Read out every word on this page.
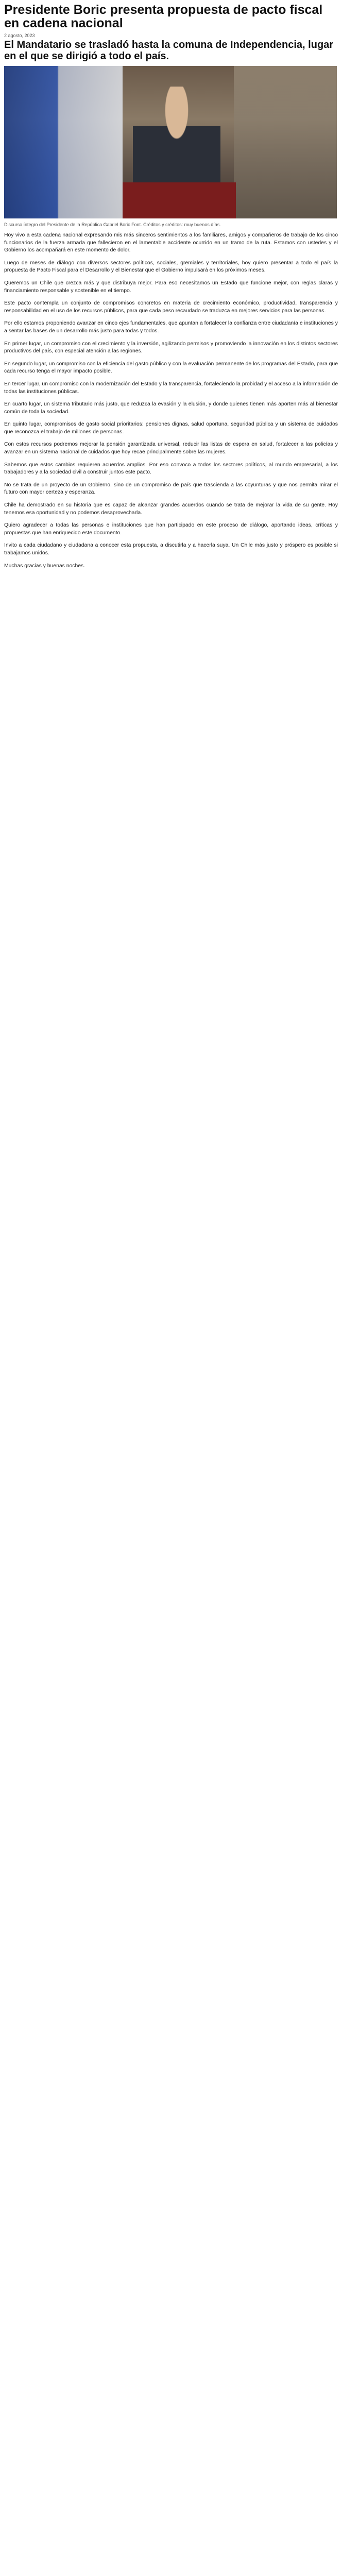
Presidente Boric presenta propuesta de pacto fiscal en cadena nacional
2 agosto, 2023
El Mandatario se trasladó hasta la comuna de Independencia, lugar en el que se dirigió a todo el país.
Discurso íntegro del Presidente de la República Gabriel Boric Font. Créditos y créditos: muy buenos días.

Hoy vivo a esta cadena nacional expresando mis más sinceros sentimientos a los familiares, amigos y compañeros de trabajo de los cinco funcionarios de la fuerza armada que fallecieron en el lamentable accidente ocurrido en un tramo de la ruta. Estamos con ustedes y el Gobierno los acompañará en este momento de dolor.

Luego de meses de diálogo con diversos sectores políticos, sociales, gremiales y territoriales, hoy quiero presentar a todo el país la propuesta de Pacto Fiscal para el Desarrollo y el Bienestar que el Gobierno impulsará en los próximos meses.

Queremos un Chile que crezca más y que distribuya mejor. Para eso necesitamos un Estado que funcione mejor, con reglas claras y financiamiento responsable y sostenible en el tiempo.

Este pacto contempla un conjunto de compromisos concretos en materia de crecimiento económico, productividad, transparencia y responsabilidad en el uso de los recursos públicos, para que cada peso recaudado se traduzca en mejores servicios para las personas.

Por ello estamos proponiendo avanzar en cinco ejes fundamentales, que apuntan a fortalecer la confianza entre ciudadanía e instituciones y a sentar las bases de un desarrollo más justo para todas y todos.

En primer lugar, un compromiso con el crecimiento y la inversión, agilizando permisos y promoviendo la innovación en los distintos sectores productivos del país, con especial atención a las regiones.

En segundo lugar, un compromiso con la eficiencia del gasto público y con la evaluación permanente de los programas del Estado, para que cada recurso tenga el mayor impacto posible.

En tercer lugar, un compromiso con la modernización del Estado y la transparencia, fortaleciendo la probidad y el acceso a la información de todas las instituciones públicas.

En cuarto lugar, un sistema tributario más justo, que reduzca la evasión y la elusión, y donde quienes tienen más aporten más al bienestar común de toda la sociedad.

En quinto lugar, compromisos de gasto social prioritarios: pensiones dignas, salud oportuna, seguridad pública y un sistema de cuidados que reconozca el trabajo de millones de personas.

Con estos recursos podremos mejorar la pensión garantizada universal, reducir las listas de espera en salud, fortalecer a las policías y avanzar en un sistema nacional de cuidados que hoy recae principalmente sobre las mujeres.

Sabemos que estos cambios requieren acuerdos amplios. Por eso convoco a todos los sectores políticos, al mundo empresarial, a los trabajadores y a la sociedad civil a construir juntos este pacto.

No se trata de un proyecto de un Gobierno, sino de un compromiso de país que trascienda a las coyunturas y que nos permita mirar el futuro con mayor certeza y esperanza.

Chile ha demostrado en su historia que es capaz de alcanzar grandes acuerdos cuando se trata de mejorar la vida de su gente. Hoy tenemos esa oportunidad y no podemos desaprovecharla.

Quiero agradecer a todas las personas e instituciones que han participado en este proceso de diálogo, aportando ideas, críticas y propuestas que han enriquecido este documento.

Invito a cada ciudadano y ciudadana a conocer esta propuesta, a discutirla y a hacerla suya. Un Chile más justo y próspero es posible si trabajamos unidos.

Muchas gracias y buenas noches.
